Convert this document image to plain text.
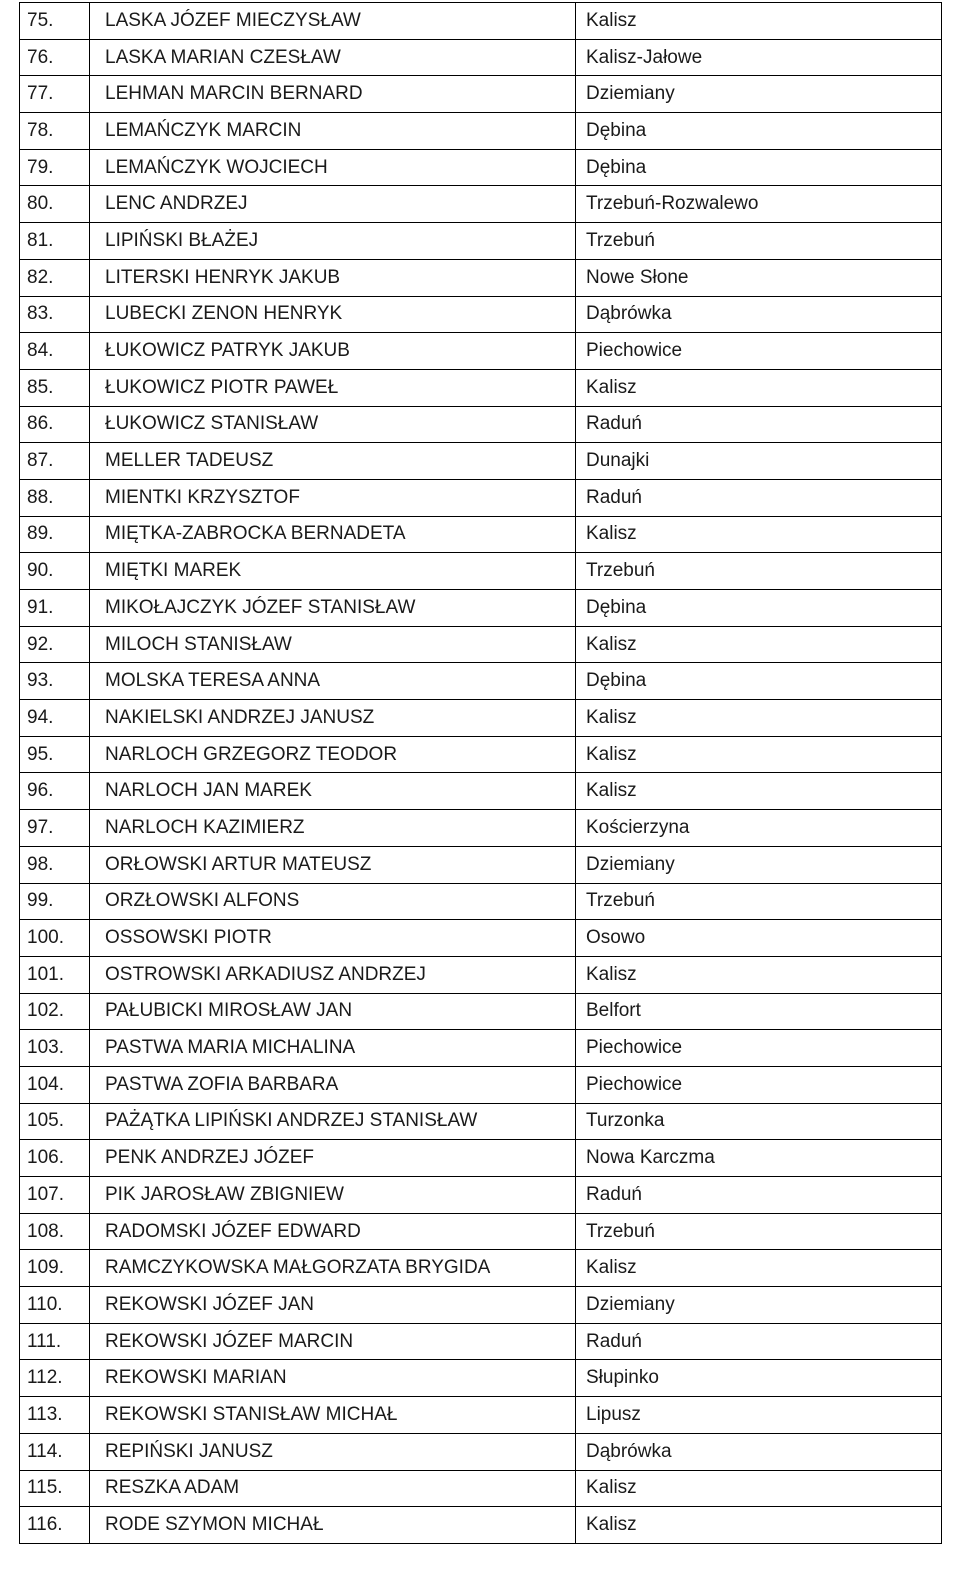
75.	LASKA JÓZEF MIECZYSŁAW	Kalisz
76.	LASKA MARIAN CZESŁAW	Kalisz-Jałowe
77.	LEHMAN MARCIN BERNARD	Dziemiany
78.	LEMAŃCZYK MARCIN	Dębina
79.	LEMAŃCZYK WOJCIECH	Dębina
80.	LENC ANDRZEJ	Trzebuń-Rozwalewo
81.	LIPIŃSKI BŁAŻEJ	Trzebuń
82.	LITERSKI HENRYK JAKUB	Nowe Słone
83.	LUBECKI ZENON HENRYK	Dąbrówka
84.	ŁUKOWICZ PATRYK JAKUB	Piechowice
85.	ŁUKOWICZ PIOTR PAWEŁ	Kalisz
86.	ŁUKOWICZ STANISŁAW	Raduń
87.	MELLER TADEUSZ	Dunajki
88.	MIENTKI KRZYSZTOF	Raduń
89.	MIĘTKA-ZABROCKA BERNADETA	Kalisz
90.	MIĘTKI MAREK	Trzebuń
91.	MIKOŁAJCZYK JÓZEF STANISŁAW	Dębina
92.	MILOCH STANISŁAW	Kalisz
93.	MOLSKA TERESA ANNA	Dębina
94.	NAKIELSKI ANDRZEJ JANUSZ	Kalisz
95.	NARLOCH GRZEGORZ TEODOR	Kalisz
96.	NARLOCH JAN MAREK	Kalisz
97.	NARLOCH KAZIMIERZ	Kościerzyna
98.	ORŁOWSKI ARTUR MATEUSZ	Dziemiany
99.	ORZŁOWSKI ALFONS	Trzebuń
100.	OSSOWSKI PIOTR	Osowo
101.	OSTROWSKI ARKADIUSZ ANDRZEJ	Kalisz
102.	PAŁUBICKI MIROSŁAW JAN	Belfort
103.	PASTWA MARIA MICHALINA	Piechowice
104.	PASTWA ZOFIA BARBARA	Piechowice
105.	PAŻĄTKA LIPIŃSKI ANDRZEJ STANISŁAW	Turzonka
106.	PENK ANDRZEJ JÓZEF	Nowa Karczma
107.	PIK JAROSŁAW ZBIGNIEW	Raduń
108.	RADOMSKI JÓZEF EDWARD	Trzebuń
109.	RAMCZYKOWSKA MAŁGORZATA BRYGIDA	Kalisz
110.	REKOWSKI JÓZEF JAN	Dziemiany
111.	REKOWSKI JÓZEF MARCIN	Raduń
112.	REKOWSKI MARIAN	Słupinko
113.	REKOWSKI STANISŁAW MICHAŁ	Lipusz
114.	REPIŃSKI JANUSZ	Dąbrówka
115.	RESZKA ADAM	Kalisz
116.	RODE SZYMON MICHAŁ	Kalisz
